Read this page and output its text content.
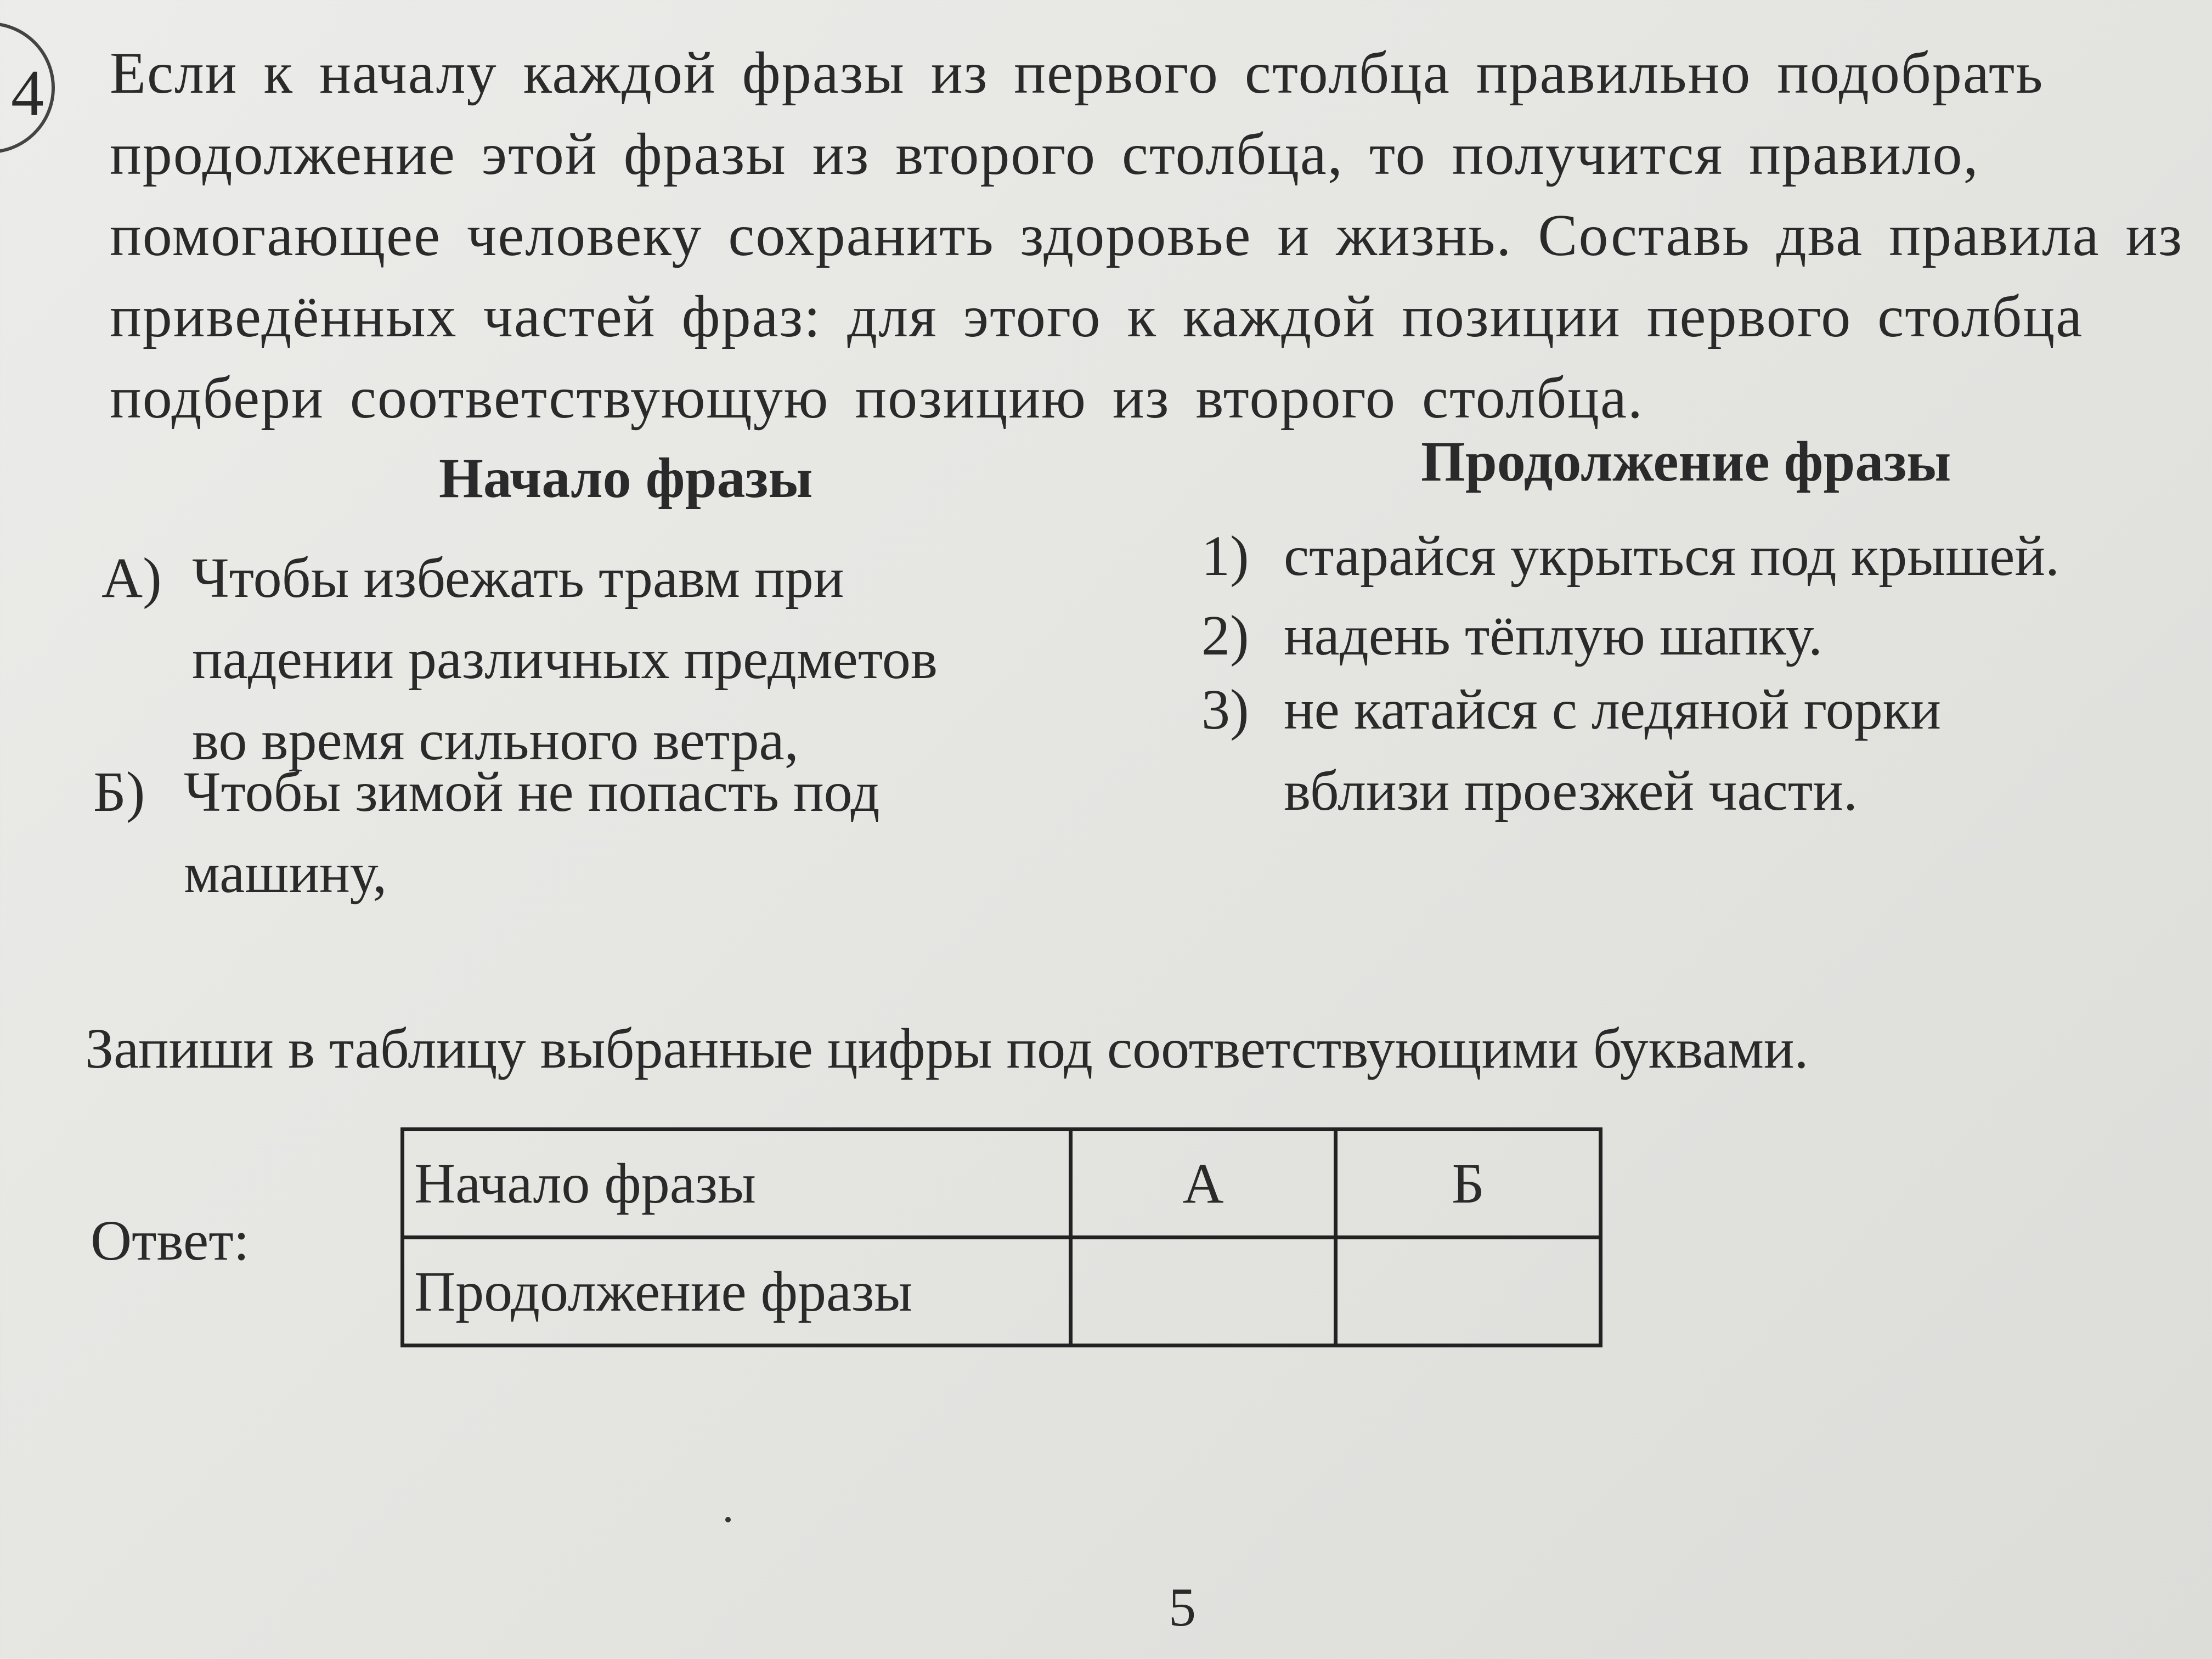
4 Если к началу каждой фразы из первого столбца правильно подобрать
продолжение этой фразы из второго столбца, то получится правило,
помогающее человеку сохранить здоровье и жизнь. Составь два правила из
приведённых частей фраз: для этого к каждой позиции первого столбца
подбери соответствующую позицию из второго столбца.
Начало фразы	Продолжение фразы
А) Чтобы избежать травм при
падении различных предметов
во время сильного ветра,
Б) Чтобы зимой не попасть под
машину,
1) старайся укрыться под крышей.
2) надень тёплую шапку.
3) не катайся с ледяной горки
вблизи проезжей части.
Запиши в таблицу выбранные цифры под соответствующими буквами.
Ответ:
Начало фразы	А	Б
Продолжение фразы		
5
